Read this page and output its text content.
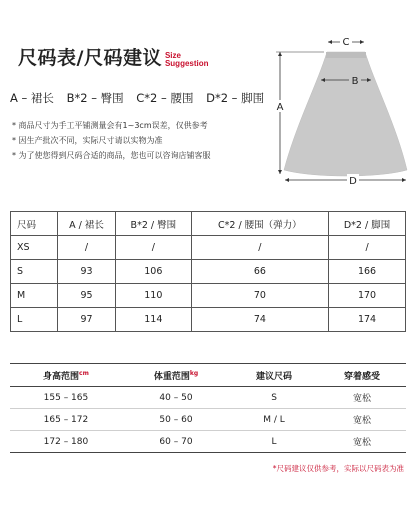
尺码表/尺码建议 Size
Suggestion
A – 裙长 B*2 – 臀围 C*2 – 腰围 D*2 – 脚围
* 商品尺寸为手工平铺测量会有1~3cm误差，仅供参考
* 因生产批次不同，实际尺寸请以实物为准
* 为了使您得到尺码合适的商品，您也可以咨询店铺客服
C
B
A
D
尺码	A / 裙长	B*2 / 臀围	C*2 / 腰围（弹力）	D*2 / 脚围
XS	/	/	/	/
S	93	106	66	166
M	95	110	70	170
L	97	114	74	174
身高范围$^{cm}$	体重范围$^{kg}$	建议尺码	穿着感受
155 – 165	40 – 50	S	宽松
165 – 172	50 – 60	M / L	宽松
172 – 180	60 – 70	L	宽松
*尺码建议仅供参考，实际以尺码表为准
